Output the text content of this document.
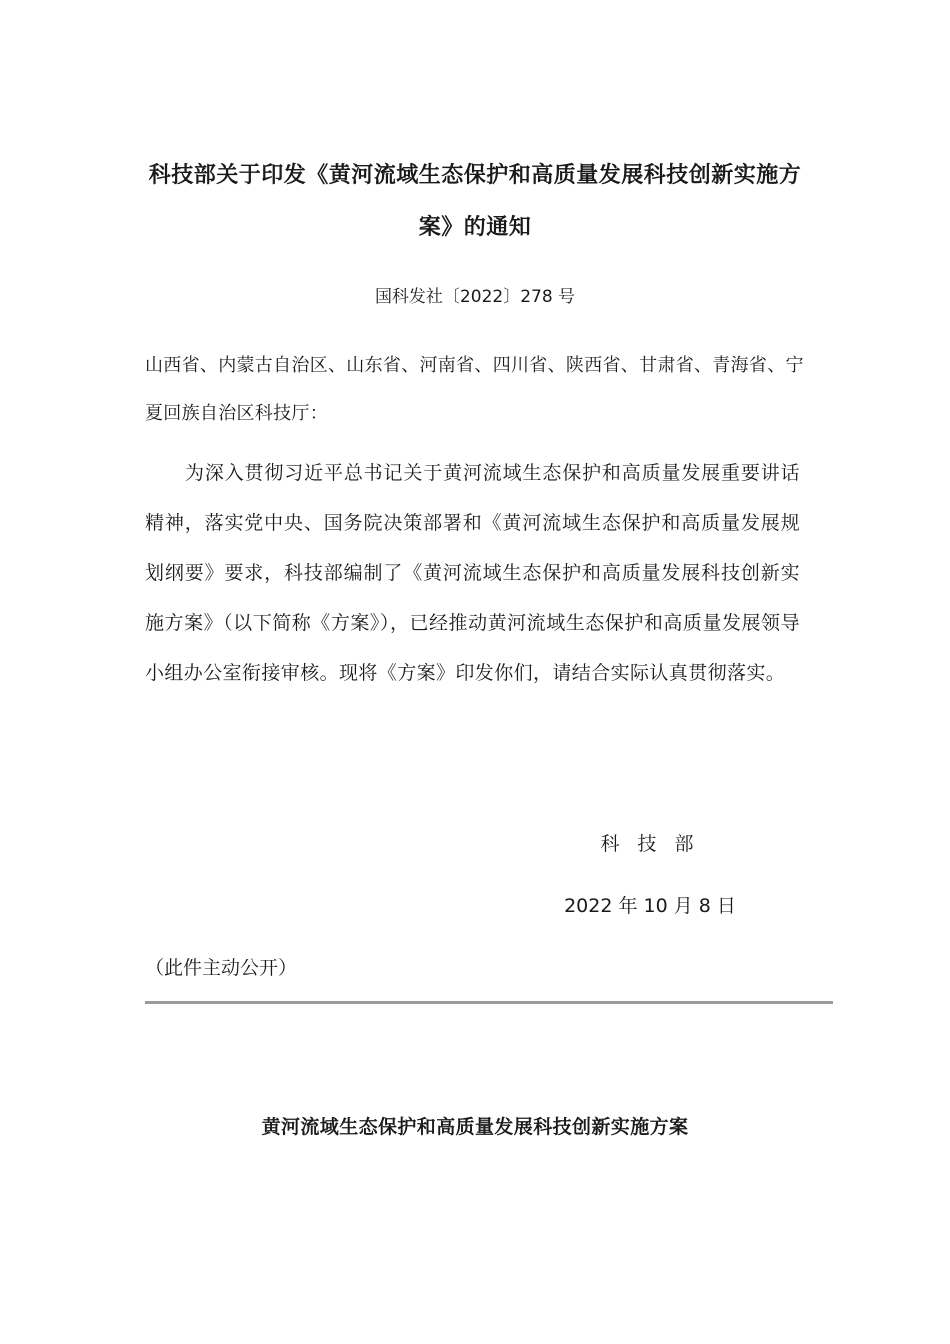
科技部关于印发《黄河流域生态保护和高质量发展科技创新实施方案》的通知
国科发社〔2022〕278 号
山西省、内蒙古自治区、山东省、河南省、四川省、陕西省、甘肃省、青海省、宁夏回族自治区科技厅：
为深入贯彻习近平总书记关于黄河流域生态保护和高质量发展重要讲话精神，落实党中央、国务院决策部署和《黄河流域生态保护和高质量发展规划纲要》要求，科技部编制了《黄河流域生态保护和高质量发展科技创新实施方案》（以下简称《方案》），已经推动黄河流域生态保护和高质量发展领导小组办公室衔接审核。现将《方案》印发你们，请结合实际认真贯彻落实。
科 技 部
2022 年 10 月 8 日
（此件主动公开）
黄河流域生态保护和高质量发展科技创新实施方案
